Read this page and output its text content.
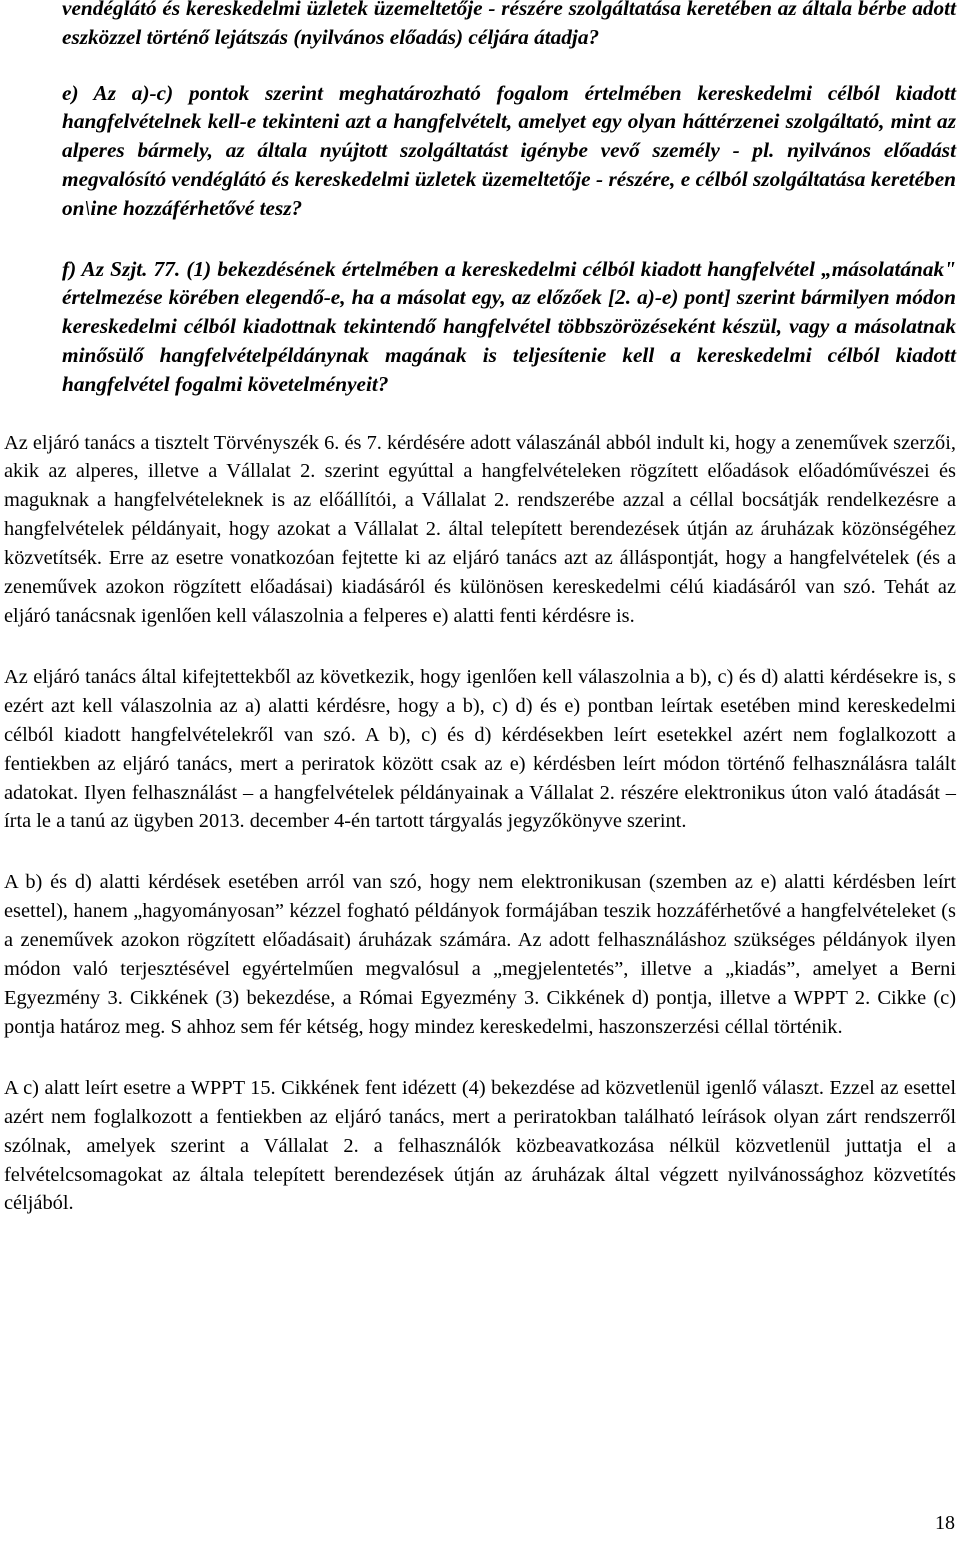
vendéglátó és kereskedelmi üzletek üzemeltetője - részére szolgáltatása keretében az általa bérbe adott eszközzel történő lejátszás (nyilvános előadás) céljára átadja?

e) Az a)-c) pontok szerint meghatározható fogalom értelmében kereskedelmi célból kiadott hangfelvételnek kell-e tekinteni azt a hangfelvételt, amelyet egy olyan háttérzenei szolgáltató, mint az alperes bármely, az általa nyújtott szolgáltatást igénybe vevő személy - pl. nyilvános előadást megvalósító vendéglátó és kereskedelmi üzletek üzemeltetője - részére, e célból szolgáltatása keretében on\ine hozzáférhetővé tesz?

f) Az Szjt. 77. (1) bekezdésének értelmében a kereskedelmi célból kiadott hangfelvétel „másolatának" értelmezése körében elegendő-e, ha a másolat egy, az előzőek [2. a)-e) pont] szerint bármilyen módon kereskedelmi célból kiadottnak tekintendő hangfelvétel többszörözéseként készül, vagy a másolatnak minősülő hangfelvételpéldánynak magának is teljesítenie kell a kereskedelmi célból kiadott hangfelvétel fogalmi követelményeit?

Az eljáró tanács a tisztelt Törvényszék 6. és 7. kérdésére adott válaszánál abból indult ki, hogy a zeneművek szerzői, akik az alperes, illetve a Vállalat 2. szerint egyúttal a hangfelvételeken rögzített előadások előadóművészei és maguknak a hangfelvételeknek is az előállítói, a Vállalat 2. rendszerébe azzal a céllal bocsátják rendelkezésre a hangfelvételek példányait, hogy azokat a Vállalat 2. által telepített berendezések útján az áruházak közönségéhez közvetítsék. Erre az esetre vonatkozóan fejtette ki az eljáró tanács azt az álláspontját, hogy a hangfelvételek (és a zeneművek azokon rögzített előadásai) kiadásáról és különösen kereskedelmi célú kiadásáról van szó. Tehát az eljáró tanácsnak igenlően kell válaszolnia a felperes e) alatti fenti kérdésre is.

Az eljáró tanács által kifejtettekből az következik, hogy igenlően kell válaszolnia a b), c) és d) alatti kérdésekre is, s ezért azt kell válaszolnia az a) alatti kérdésre, hogy a b), c) d) és e) pontban leírtak esetében mind kereskedelmi célból kiadott hangfelvételekről van szó. A b), c) és d) kérdésekben leírt esetekkel azért nem foglalkozott a fentiekben az eljáró tanács, mert a periratok között csak az e) kérdésben leírt módon történő felhasználásra talált adatokat. Ilyen felhasználást – a hangfelvételek példányainak a Vállalat 2. részére elektronikus úton való átadását – írta le a tanú az ügyben 2013. december 4-én tartott tárgyalás jegyzőkönyve szerint.

A b) és d) alatti kérdések esetében arról van szó, hogy nem elektronikusan (szemben az e) alatti kérdésben leírt esettel), hanem „hagyományosan” kézzel fogható példányok formájában teszik hozzáférhetővé a hangfelvételeket (s a zeneművek azokon rögzített előadásait) áruházak számára. Az adott felhasználáshoz szükséges példányok ilyen módon való terjesztésével egyértelműen megvalósul a „megjelentetés”, illetve a „kiadás”, amelyet a Berni Egyezmény 3. Cikkének (3) bekezdése, a Római Egyezmény 3. Cikkének d) pontja, illetve a WPPT 2. Cikke (c) pontja határoz meg. S ahhoz sem fér kétség, hogy mindez kereskedelmi, haszonszerzési céllal történik.

A c) alatt leírt esetre a WPPT 15. Cikkének fent idézett (4) bekezdése ad közvetlenül igenlő választ. Ezzel az esettel azért nem foglalkozott a fentiekben az eljáró tanács, mert a periratokban található leírások olyan zárt rendszerről szólnak, amelyek szerint a Vállalat 2. a felhasználók közbeavatkozása nélkül közvetlenül juttatja el a felvételcsomagokat az általa telepített berendezések útján az áruházak által végzett nyilvánossághoz közvetítés céljából.

18
